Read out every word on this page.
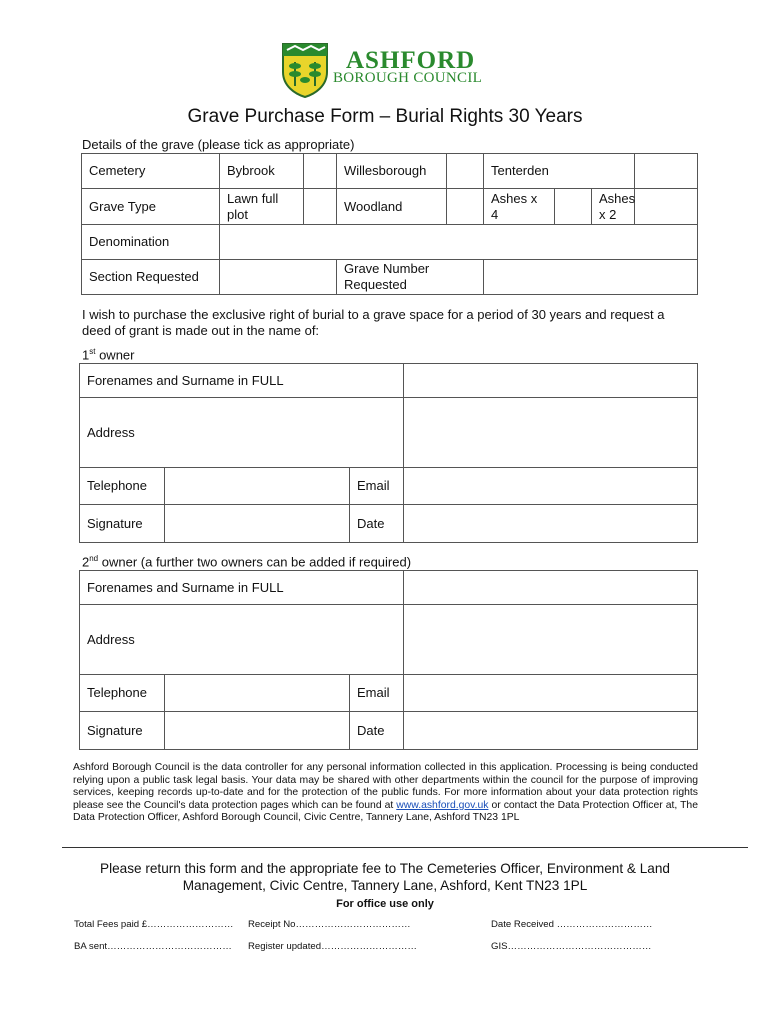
ASHFORD
BOROUGH COUNCIL
Grave Purchase Form – Burial Rights 30 Years
Details of the grave (please tick as appropriate)
Cemetery	Bybrook		Willesborough		Tenterden			
Grave Type	Lawn full plot		Woodland		Ashes x 4		Ashes x 2	
Denomination								
Section Requested			Grave Number Requested					
I wish to purchase the exclusive right of burial to a grave space for a period of 30 years and request a deed of grant is made out in the name of:
1st owner
Forenames and Surname in FULL			
Address			
Telephone		Email	
Signature		Date	
2nd owner (a further two owners can be added if required)
Forenames and Surname in FULL			
Address			
Telephone		Email	
Signature		Date	
Ashford Borough Council is the data controller for any personal information collected in this application. Processing is being conducted relying upon a public task legal basis. Your data may be shared with other departments within the council for the purpose of improving services, keeping records up-to-date and for the protection of the public funds. For more information about your data protection rights please see the Council's data protection pages which can be found at www.ashford.gov.uk or contact the Data Protection Officer at, The Data Protection Officer, Ashford Borough Council, Civic Centre, Tannery Lane, Ashford TN23 1PL
Please return this form and the appropriate fee to The Cemeteries Officer, Environment & Land Management, Civic Centre, Tannery Lane, Ashford, Kent TN23 1PL
For office use only
Total Fees paid £……………………… Receipt No………………………………	Date Received …………………………
BA sent………………………………… Register updated…………………………	GIS………………………………………
